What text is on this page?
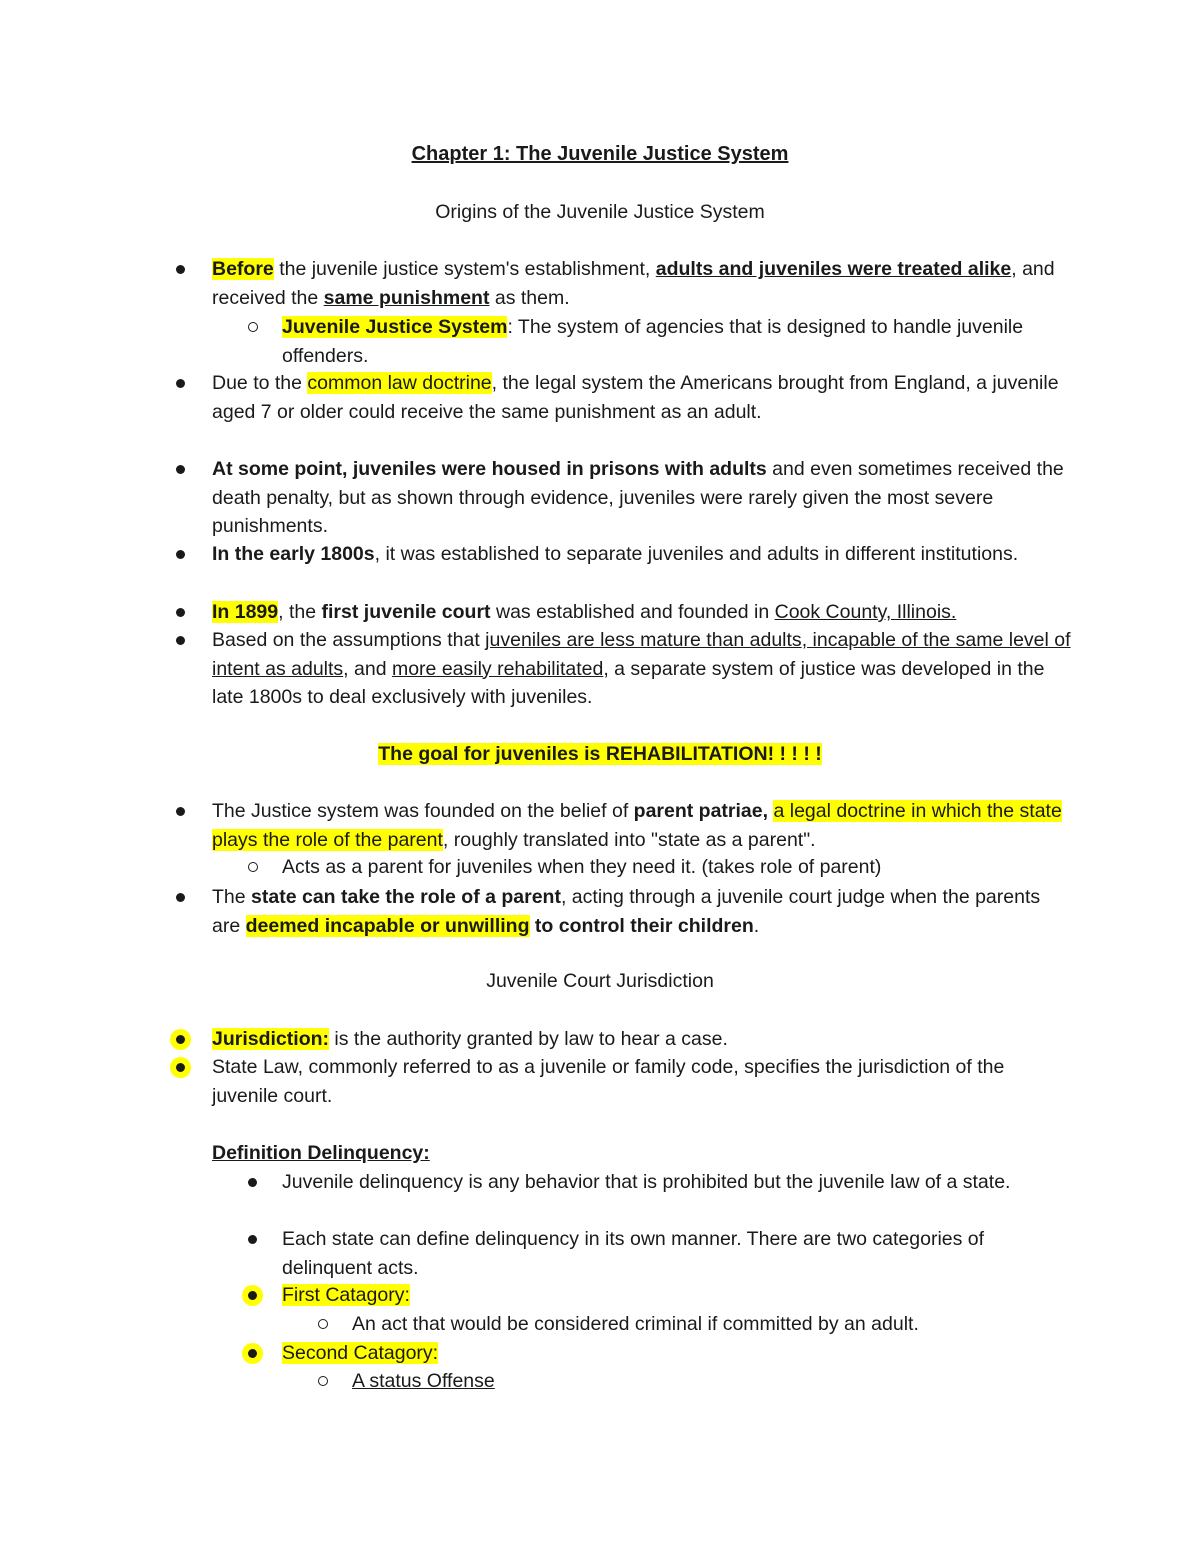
Chapter 1: The Juvenile Justice System
Origins of the Juvenile Justice System
Before the juvenile justice system's establishment, adults and juveniles were treated alike, and received the same punishment as them.
Juvenile Justice System: The system of agencies that is designed to handle juvenile offenders.
Due to the common law doctrine, the legal system the Americans brought from England, a juvenile aged 7 or older could receive the same punishment as an adult.
At some point, juveniles were housed in prisons with adults and even sometimes received the death penalty, but as shown through evidence, juveniles were rarely given the most severe punishments.
In the early 1800s, it was established to separate juveniles and adults in different institutions.
In 1899, the first juvenile court was established and founded in Cook County, Illinois.
Based on the assumptions that juveniles are less mature than adults, incapable of the same level of intent as adults, and more easily rehabilitated, a separate system of justice was developed in the late 1800s to deal exclusively with juveniles.
The goal for juveniles is REHABILITATION! ! ! ! !
The Justice system was founded on the belief of parent patriae, a legal doctrine in which the state plays the role of the parent, roughly translated into "state as a parent".
Acts as a parent for juveniles when they need it. (takes role of parent)
The state can take the role of a parent, acting through a juvenile court judge when the parents are deemed incapable or unwilling to control their children.
Juvenile Court Jurisdiction
Jurisdiction: is the authority granted by law to hear a case.
State Law, commonly referred to as a juvenile or family code, specifies the jurisdiction of the juvenile court.
Definition Delinquency:
Juvenile delinquency is any behavior that is prohibited but the juvenile law of a state.
Each state can define delinquency in its own manner. There are two categories of delinquent acts.
First Catagory:
An act that would be considered criminal if committed by an adult.
Second Catagory:
A status Offense
